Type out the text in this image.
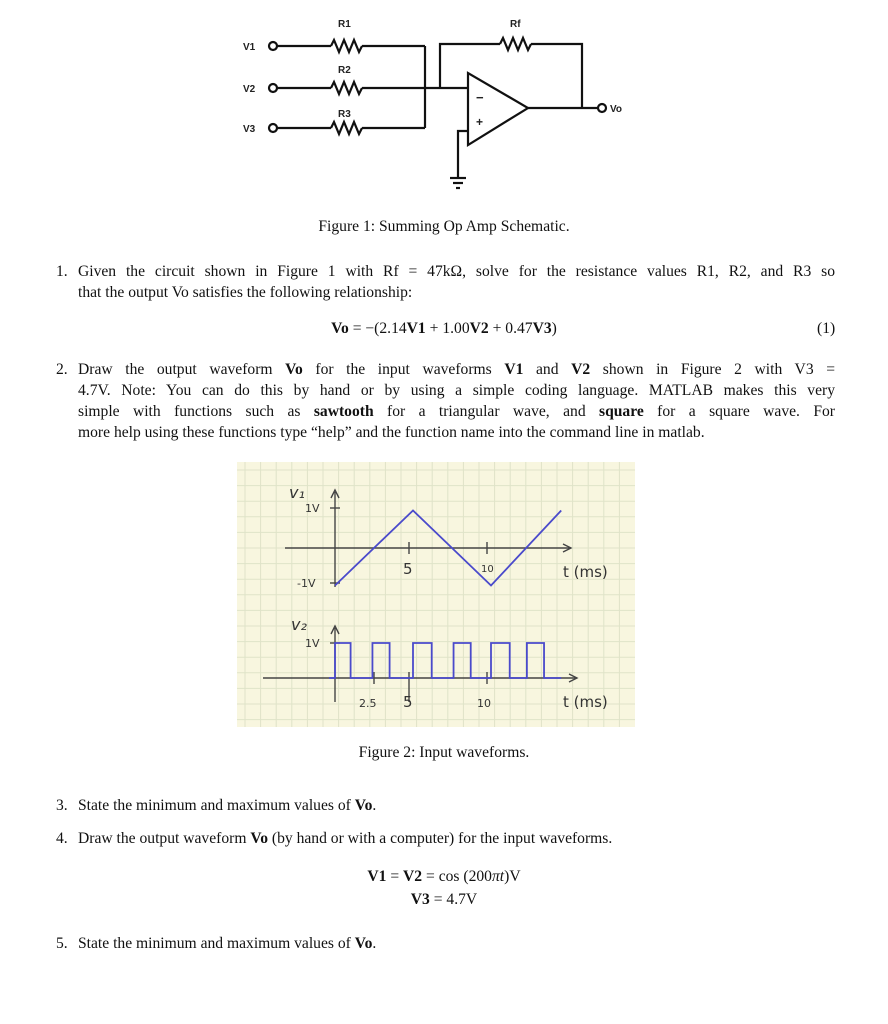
V1
V2
V3
R1
R2
R3
Rf
Vo
−
+
Figure 1: Summing Op Amp Schematic.
1. Given the circuit shown in Figure 1 with Rf = 47kΩ, solve for the resistance values R1, R2, and R3 so
that the output Vo satisfies the following relationship:
2. Draw the output waveform Vo for the input waveforms V1 and V2 shown in Figure 2 with V3 =
4.7V. Note: You can do this by hand or by using a simple coding language. MATLAB makes this very
simple with functions such as sawtooth for a triangular wave, and square for a square wave. For
more help using these functions type “help” and the function name into the command line in matlab.
3. State the minimum and maximum values of Vo.
4. Draw the output waveform Vo (by hand or with a computer) for the input waveforms.
5. State the minimum and maximum values of Vo.
Vo = −(2.14V1 + 1.00V2 + 0.47V3)	(1)
V1 = V2 = cos (200πt)V
V3 = 4.7V
v₁
1V
-1V
5	10	t (ms)
v₂
1V
2.5 5	10	t (ms)
Figure 2: Input waveforms.
